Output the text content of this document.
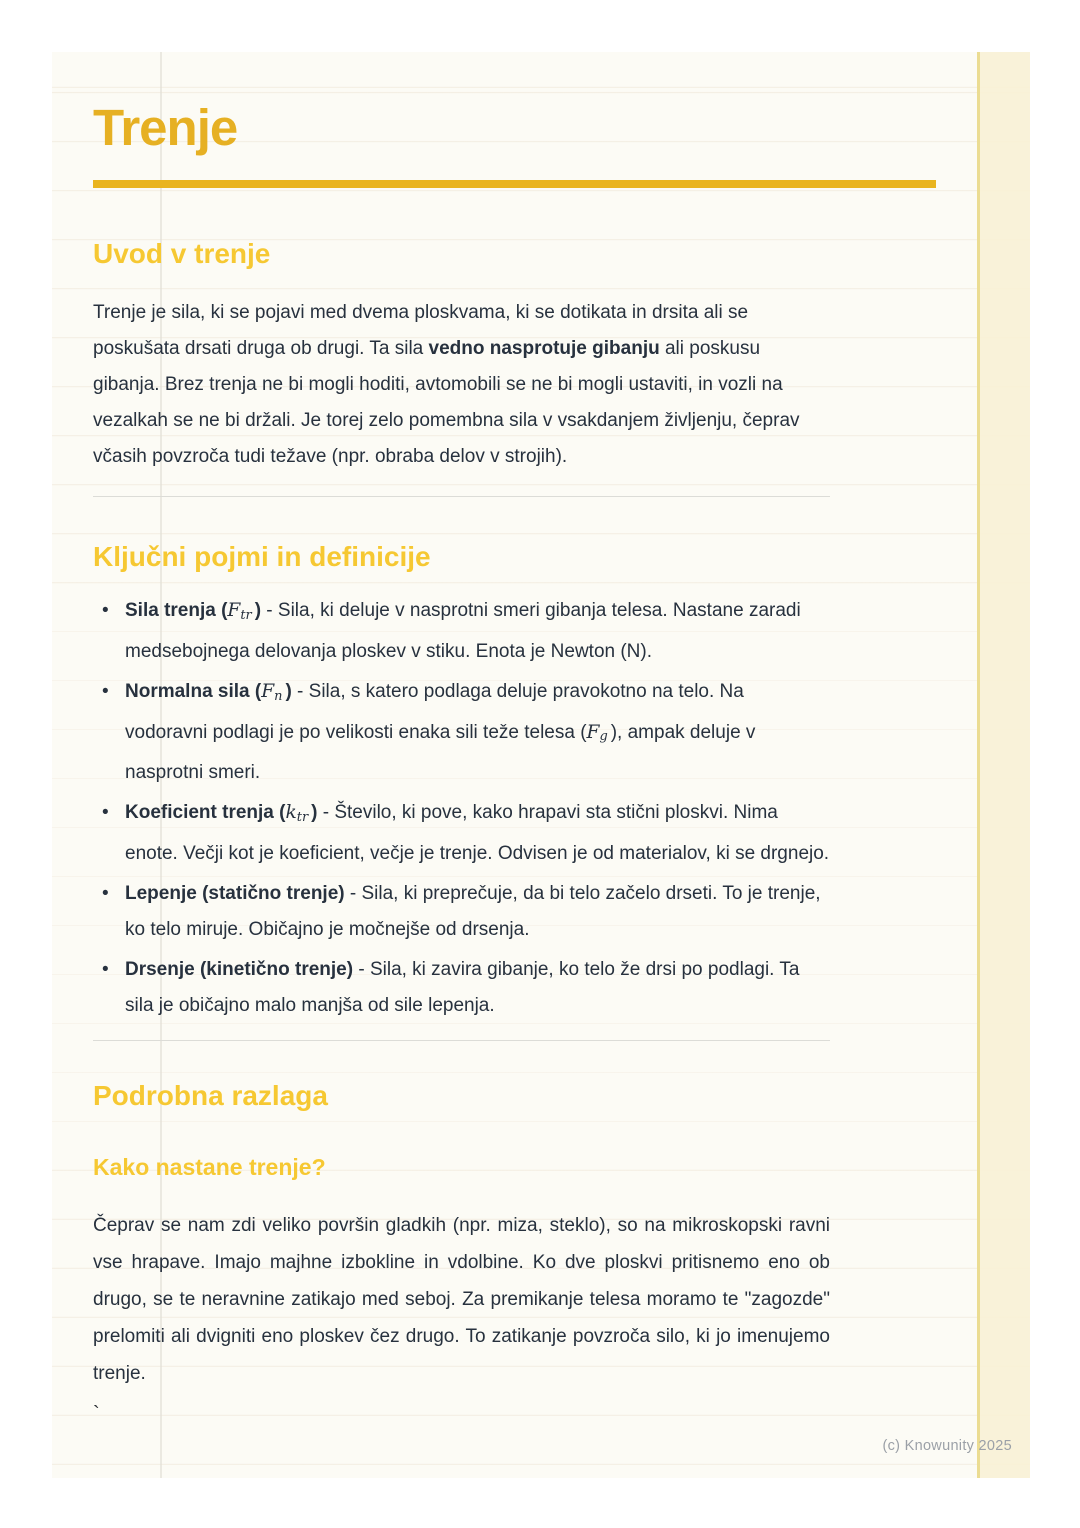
Trenje
Uvod v trenje

Trenje je sila, ki se pojavi med dvema ploskvama, ki se dotikata in drsita ali se poskušata drsati druga ob drugi. Ta sila vedno nasprotuje gibanju ali poskusu gibanja. Brez trenja ne bi mogli hoditi, avtomobili se ne bi mogli ustaviti, in vozli na vezalkah se ne bi držali. Je torej zelo pomembna sila v vsakdanjem življenju, čeprav včasih povzroča tudi težave (npr. obraba delov v strojih).

Ključni pojmi in definicije
• Sila trenja (Ftr ) - Sila, ki deluje v nasprotni smeri gibanja telesa. Nastane zaradi medsebojnega delovanja ploskev v stiku. Enota je Newton (N).
• Normalna sila (Fn ) - Sila, s katero podlaga deluje pravokotno na telo. Na vodoravni podlagi je po velikosti enaka sili teže telesa (Fg ), ampak deluje v nasprotni smeri.
• Koeficient trenja (ktr ) - Število, ki pove, kako hrapavi sta stični ploskvi. Nima enote. Večji kot je koeficient, večje je trenje. Odvisen je od materialov, ki se drgnejo.
• Lepenje (statično trenje) - Sila, ki preprečuje, da bi telo začelo drseti. To je trenje, ko telo miruje. Običajno je močnejše od drsenja.
• Drsenje (kinetično trenje) - Sila, ki zavira gibanje, ko telo že drsi po podlagi. Ta sila je običajno malo manjša od sile lepenja.
Podrobna razlaga
Kako nastane trenje?

Čeprav se nam zdi veliko površin gladkih (npr. miza, steklo), so na mikroskopski ravni vse hrapave. Imajo majhne izbokline in vdolbine. Ko dve ploskvi pritisnemo eno ob drugo, se te neravnine zatikajo med seboj. Za premikanje telesa moramo te "zagozde" prelomiti ali dvigniti eno ploskev čez drugo. To zatikanje povzroča silo, ki jo imenujemo trenje.

`
(c) Knowunity 2025
